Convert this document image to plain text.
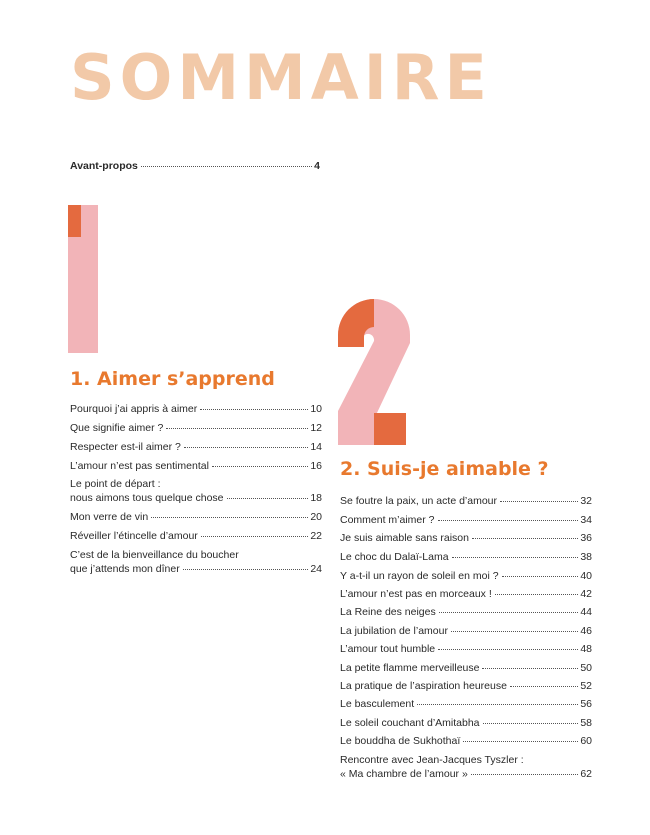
SOMMAIRE
Avant-propos	4
1. Aimer s’apprend
Pourquoi j’ai appris à aimer	10
Que signifie aimer ?	12
Respecter est-il aimer ?	14
L’amour n’est pas sentimental	16
Le point de départ :
nous aimons tous quelque chose	18
Mon verre de vin	20
Réveiller l’étincelle d’amour	22
C’est de la bienveillance du boucher
que j’attends mon dîner	24
2. Suis-je aimable ?
Se foutre la paix, un acte d’amour	32
Comment m’aimer ?	34
Je suis aimable sans raison	36
Le choc du Dalaï-Lama	38
Y a-t-il un rayon de soleil en moi ?	40
L’amour n’est pas en morceaux !	42
La Reine des neiges	44
La jubilation de l’amour	46
L’amour tout humble	48
La petite flamme merveilleuse	50
La pratique de l’aspiration heureuse	52
Le basculement	56
Le soleil couchant d’Amitabha	58
Le bouddha de Sukhothaï	60
Rencontre avec Jean-Jacques Tyszler :
« Ma chambre de l’amour »	62
